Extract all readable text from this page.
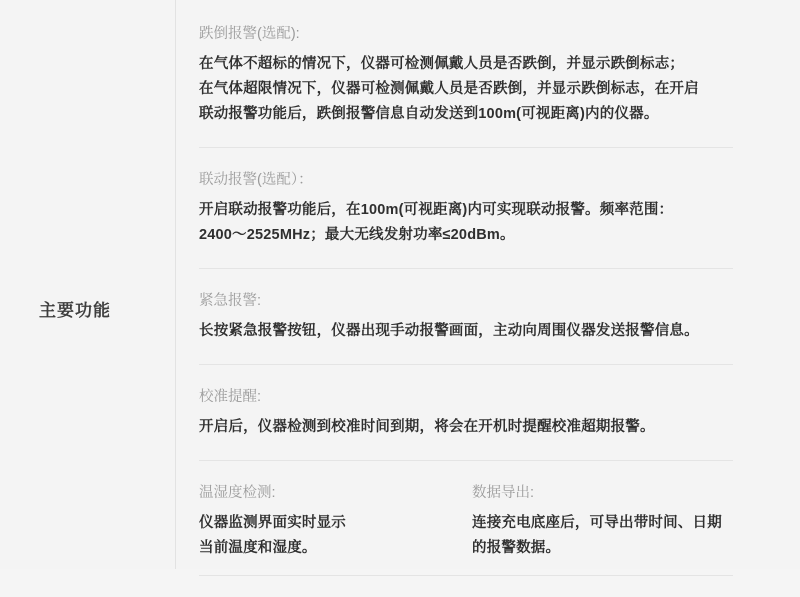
主要功能
跌倒报警(选配):
在气体不超标的情况下，仪器可检测佩戴人员是否跌倒，并显示跌倒标志；
在气体超限情况下，仪器可检测佩戴人员是否跌倒，并显示跌倒标志，在开启
联动报警功能后，跌倒报警信息自动发送到100m(可视距离)内的仪器。
联动报警(选配）：
开启联动报警功能后，在100m(可视距离)内可实现联动报警。频率范围：
2400～2525MHz；最大无线发射功率≤20dBm。
紧急报警:
长按紧急报警按钮，仪器出现手动报警画面，主动向周围仪器发送报警信息。
校准提醒:
开启后，仪器检测到校准时间到期，将会在开机时提醒校准超期报警。
温湿度检测:
仪器监测界面实时显示
当前温度和湿度。
数据导出:
连接充电底座后，可导出带时间、日期
的报警数据。
